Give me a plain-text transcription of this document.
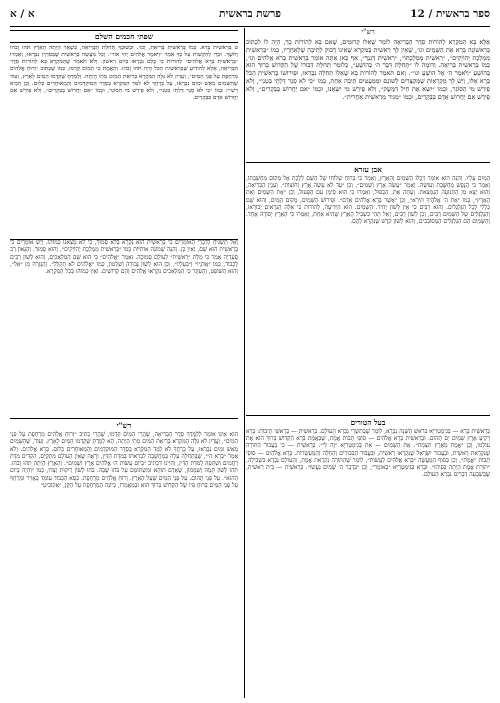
א / א	פרשת בראשית	12 / ספר בראשית
רש"י

אֶלָּא בָּא הַמִּקְרָא לְהוֹרוֹת סֵדֶר הַבְּרִיאָה לוֹמַר שֶׁאֵלּוּ קְדוּמִים, שֶׁאִם בָּא לְהוֹרוֹת כָּךְ, הָיָה לוֹ לִכְתּוֹב בָּרִאשׁוֹנָה בָּרָא אֶת הַשָּׁמַיִם וגו׳, שֶׁאֵין לְךָ רֵאשִׁית בַּמִּקְרָא שֶׁאֵינוֹ דָבוּק לְתֵיבָה שֶׁלְּאַחֲרָיו, כְּמוֹ ״בְּרֵאשִׁית מַמְלֶכֶת יְהוֹיָקִים״, ״רֵאשִׁית מַמְלַכְתּוֹ״, ״רֵאשִׁית דְּגָנְךָ״, אַף כָּאן אַתָּה אוֹמֵר בְּרֵאשִׁית בְּרֹא אֱלֹהִים וגו׳, כְּמוֹ בְּרֵאשִׁית בְּרִיאָה. וְדוֹמֶה לוֹ ״תְּחִלַּת דִּבֶּר ה׳ בְּהוֹשֵׁעַ״, כְּלוֹמַר תְּחִלַּת דִּבּוּרוֹ שֶׁל הַקָּדוֹשׁ בָּרוּךְ הוּא בְּהוֹשֵׁעַ ״וַיֹּאמֶר ה׳ אֶל הוֹשֵׁעַ וגו׳״. וְאִם תֹּאמַר לְהוֹרוֹת בָּא שֶׁאֵלּוּ תְחִלָּה נִבְרְאוּ, וּפֵירוּשׁוֹ בְּרֵאשִׁית הַכֹּל בָּרָא אֵלּוּ, וְיֵשׁ לָךְ מִקְרָאוֹת שֶׁמְּקַצְּרִים לְשׁוֹנָם וּמְמַעֲטִים תֵּיבָה אַחַת, כְּמוֹ ״כִּי לֹא סָגַר דַּלְתֵי בִטְנִי״, וְלֹא פֵירֵשׁ מִי הַסּוֹגֵר, וּכְמוֹ ״יִשָּׂא אֶת חֵיל דַּמֶּשֶׂק״, וְלֹא פֵירֵשׁ מִי יִשָּׂאֶנּוּ, וּכְמוֹ ״אִם יַחֲרוֹשׁ בַּבְּקָרִים״, וְלֹא פֵירֵשׁ אִם יַחֲרוֹשׁ אָדָם בַּבְּקָרִים, וּכְמוֹ ״מַגִּיד מֵרֵאשִׁית אַחֲרִית״.

אבן עזרא

הַמַּיִם עָלָיו. וְהִנֵּה הוּא אוֹמֵר וַיְכֻלּוּ הַשָּׁמַיִם וְהָאָרֶץ, וְאָמַר כִּי בְּרוּחַ שְׁלוֹחוֹ שֶׁל הַשֵּׁם לָלֶכֶת אֶל מְקוֹם מַחְשַׁבְתּוֹ, וְאָמַר כִּי הַנֶּפֶשׁ מְחַשֶּׁבֶת וְעוֹשָׂה. וְאָמַר ״עֲשֵׂה אֶרֶץ וְשָׁמַיִם״, וְכֵן ״עַד לֹא עָשָׂה אֶרֶץ וְחוּצוֹת״. וְעִנְיַן הַבְּרִיאָה, וְהוּא יָצָא מִן הַתְּנוּעָה הַנִּמְצֵאת. וְעַתָּה אֶת. הַכְּפוּל, וְאָמְרוּ כִּי הוּא סִימָן עַם הַפָּעוּל, וְכֵן ״אֶת הַשָּׁמַיִם וְאֵת הָאָרֶץ״, כְּמוֹ ״אֵת ה׳ אֱלֹהֶיךָ תִּירָא״, וְכֵן ״אֲשֶׁר בָּרָא אֱלֹהִים אָדָם״. וּפֵירוּשׁ הַשָּׁמַיִם, מָקוֹם הַמַּיִם, וְהוּא שֵׁם כְּלָלִי לְכָל הַגַּלְגַּלִּים. וְהוּא רַבִּים כִּי אֵין לְשׁוֹן יָחִיד. הַשָּׁמַיִם. הוּא הַיְּדִיעָה, לְהוֹרוֹת כִּי אֵלֶּה הַנִּרְאִים יְבוֹרְאוּ, וְהַגַּלְגַּלִּים שֶׁל הַשָּׁמַיִם רַבִּים, וְכֵן לְשׁוֹן רַבִּים, וְאַל תְּהִי כִּשְׁבִיל הָאָרֶץ שֶׁהִיא אַחַת, וְאָמְרוּ כִּי הָאָרֶץ יְסוֹדָהּ אֶחָד. וְהַשָּׁמַיִם הֵם הַגַּלְגַּלִּים הַמְּסוֹבְבִים, וְהוּא לְשׁוֹן קֹדֶשׁ שֶׁנִּקְרָא לָהֶם.

בעל הטורים

בְּרֵאשִׁית בָּרָא — בְּגִימַטְרִיָּא בְּרֹאשׁ הַשָּׁנָה נִבְרָא, לוֹמַר שֶׁבְּתִשְׁרֵי נִבְרָא הָעוֹלָם. בְּרֵאשִׁית — בְּרָאשֵׁי תֵיבוֹת: בָּרָא רָקִיעַ אֶרֶץ שָׁמַיִם יָם תְּהוֹם. וּבְרֵאשִׁית בָּרָא אֱלֹהִים — סוֹפֵי תֵּבוֹת אֱמֶת, שֶׁבְּאֱמֶת בָּרָא הַקָּדוֹשׁ בָּרוּךְ הוּא אֶת עוֹלָמוֹ, וְכֵן ״אֱמֶת מֵאֶרֶץ תִּצְמָח״. אֵת הַשָּׁמַיִם — אֵת בְּגִימַטְרִיָּא ״זֶה לִי״. בְּרֵאשִׁית — כִּי בַּעֲבוּר הַתּוֹרָה שֶׁנִּקְרֵאת רֵאשִׁית, וּבַעֲבוּר יִשְׂרָאֵל שֶׁנִּקְרְאוּ רֵאשִׁית, וּבַעֲבוּר הַבִּכּוּרִים וְהַחַלָּה וְהַמַּעַשְׂרוֹת. בָּרָא אֱלֹהִים — סוֹפֵי תֵבוֹת ״אֱמֶת״, וְכֵן בְּסוֹף הַמַּעֲשֶׂה ״בָּרָא אֱלֹהִים לַעֲשׂוֹת״, לוֹמַר שֶׁהַתּוֹרָה נִקְרֵאת אֱמֶת, וְהָעוֹלָם נִבְרָא בִּשְׁבִילָהּ, ״תּוֹרַת אֱמֶת הָיְתָה בְּפִיהוּ״. וּבָרָא בְּגִימַטְרִיָּא ״בְּאוֹמֶר״, וְכֵן ״בִּדְבַר ה׳ שָׁמַיִם נַעֲשׂוּ״. בְּרֵאשִׁית — בֵּית רֵאשִׁית, שֶׁבְּשִׁבְעָה דְּבָרִים נִבְרָא הָעוֹלָם.

שפתי חכמים השלם

ט בְּרֵאשִׁית בָּרָא. כְּמוֹ בְּרֵאשִׁית בְּרִיאַת, וְכוּ׳. וּבְשׁוּבְךָ תְּחִלַּת הַבְּרִיאָה, כְּשֶׁאֵר הָיְתָה הָאָרֶץ תֹּהוּ וָבֹהוּ וְחֹשֶׁךְ. וּכְדֵי לְהַקְשׁוֹת עַל כָּךְ אָמַר ״וַיֹּאמֶר אֱלֹהִים יְהִי אוֹר״. וְכָל מַעֲשֵׂה בְּרֵאשִׁית שֶׁבְּסִדְרָן נִבְרְאוּ, וְאָמְרוּ ״בְּרֵאשִׁית בָּרָא אֱלֹהִים״ לְהוֹרוֹת כִּי כֻּלָּם נִבְרְאוּ בְּיוֹם רִאשׁוֹן. וְלֹא תֹּאמַר שֶׁהַמִּקְרָא בָּא לְהוֹרוֹת סֵדֶר הַבְּרִיאָה, אֶלָּא לְהוֹדִיעַ שֶׁבְּרֵאשִׁית הַכֹּל הָיָה תֹּהוּ וָבֹהוּ. וְהָאֱמֶת כִּי הַמַּיִם קָדְמוּ, כְּמוֹ שֶׁכָּתוּב ״וְרוּחַ אֱלֹהִים מְרַחֶפֶת עַל פְּנֵי הַמָּיִם״, וְעֲדַיִן לֹא גִּלָּה הַמִּקְרָא בְּרִיאַת הַמַּיִם מָתַי הָיְתָה. וְלָמַדְתָּ שֶׁקָּדְמוּ הַמַּיִם לָאָרֶץ, וְעוֹד שֶׁהַשָּׁמַיִם מֵאֵשׁ וּמַיִם נִבְרְאוּ, עַל כָּרְחֲךָ לֹא לִמֵּד הַמִּקְרָא בְּסֵדֶר הַמּוּקְדָּמִים וְהַמְאוּחָרִים כְּלוּם. וְכֵן הֵבִיא רַשִׁ״י: כְּמוֹ ״כִּי לֹא סָגַר דַּלְתֵי בִטְנִי״, וְלֹא פֵירֵשׁ מִי הַסּוֹגֵר, וּכְמוֹ ״אִם יַחֲרוֹשׁ בַּבְּקָרִים״, וְלֹא פֵירֵשׁ אִם יַחֲרוֹשׁ אָדָם בַּבְּקָרִים.

וְאַל תַּשְׁגִּיחַ לְדִבְרֵי הָאוֹמְרִים כִּי בְּרֵאשִׁית הוּא נִקְרָא בְּלֹא סָמוּךְ, כִּי לֹא מָצָאנוּ כָּמוֹהוּ. וְיֵשׁ אוֹמְרִים כִּי בְּרֵאשִׁית הוּא שֵׁם, וְאֵין כֵּן. וְהִנֵּה שְׁמוֹנָה אוֹתִיּוֹת כְּמוֹ ״בְּרֵאשִׁית מַמְלֶכֶת יְהוֹיָקִים״, וְהוּא סָמוּךְ. וְהַגָּאוֹן רַב סְעַדְיָה אָמַר כִּי מִלַּת ״רֵאשִׁית״ לְעוֹלָם סְמוּכָה. וְאָמַר ״אֱלֹהִים״ כִּי הוּא שֵׁם הַמַּלְאָכִים, וְהוּא לְשׁוֹן רַבִּים לְכָבוֹד, כְּמוֹ ״אֲדֹנָיו״ וְ״בְּעָלָיו״, וְכֵן הוּא לְשׁוֹן גְּבוּרָה וְשִׁלְטוֹן, כְּמוֹ ״אֱלֹהִים לֹא תְקַלֵּל״. וְהַגְּזֵרָה מִן ״אֵל״, וְהוּא הַשּׁוֹפֵט, וְהָעִקָּר כִּי הַמַּלְאָכִים נִקְרְאוּ אֱלֹהִים וְהֵם קְדוֹשִׁים. וְאֵין כָּמוֹהוּ בְּכָל הַמִּקְרָא.

רש"י

הוּא אֵינוֹ אוֹמֵר לְלַמֶּדְךָ סֵדֶר הַבְּרִיאָה, שֶׁהֲרֵי הַמַּיִם קָדְמוּ, שֶׁהֲרֵי כְתִיב ״וְרוּחַ אֱלֹהִים מְרַחֶפֶת עַל פְּנֵי הַמַּיִם״, וַעֲדַיִן לֹא גִּלָּה הַמִּקְרָא בְּרִיאַת הַמַּיִם מָתַי הָיְתָה, הָא לָמַדְתָּ שֶׁקָּדְמוּ הַמַּיִם לָאָרֶץ. וְעוֹד, שֶׁהַשָּׁמַיִם מֵאֵשׁ וּמַיִם נִבְרְאוּ, עַל כָּרְחֲךָ לֹא לִמֵּד הַמִּקְרָא בְּסֵדֶר הַמּוּקְדָּמִים וְהַמְאוּחָרִים כְּלוּם. בָּרָא אֱלֹהִים. וְלֹא אָמַר ״בָּרָא ה׳״, שֶׁבַּתְּחִלָּה עָלָה בְּמַחֲשָׁבָה לִבְרֹאתוֹ בְּמִדַּת הַדִּין, וְרָאָה שֶׁאֵין הָעוֹלָם מִתְקַיֵּם, הִקְדִּים מִדַּת רַחֲמִים וְשִׁתְּפָהּ לְמִדַּת הַדִּין, וְהַיְינוּ דִּכְתִיב ״בְּיוֹם עֲשׂוֹת ה׳ אֱלֹהִים אֶרֶץ וְשָׁמָיִם״. וְהָאָרֶץ הָיְתָה תֹהוּ וָבֹהוּ. תֹּהוּ לְשׁוֹן תֵּמַהּ וְשִׁמָּמוֹן, שֶׁאָדָם תּוֹהֶא וּמִשְׁתּוֹמֵם עַל בֹּהוּ שֶׁבָּהּ. בֹּהוּ לְשׁוֹן רֵיקוּת וְצָדוּ, כְּמוֹ ״וְהָיָה בְּיוֹם הַהוּא״. עַל פְּנֵי תְהוֹם. עַל פְּנֵי הַמַּיִם שֶׁעַל הָאָרֶץ. וְרוּחַ אֱלֹהִים מְרַחֶפֶת. כִּסֵּא הַכָּבוֹד עוֹמֵד בָּאֲוִיר וּמְרַחֵף עַל פְּנֵי הַמַּיִם בְּרוּחַ פִּיו שֶׁל הַקָּדוֹשׁ בָּרוּךְ הוּא וּבְמַאֲמָרוֹ, כְּיוֹנָה הַמְרַחֶפֶת עַל הַקֵּן, ״אַקוֹבִיטֵ״
